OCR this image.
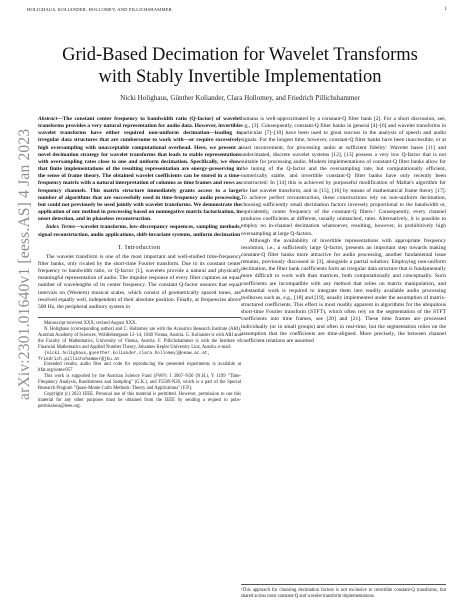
HOLIGHAUS, KOLIANDER, HOLLOMEY, AND PILLICHSHAMMER	1
arXiv:2301.01640v1 [eess.AS] 4 Jan 2023
Grid-Based Decimation for Wavelet Transforms
with Stably Invertible Implementation
Nicki Holighaus, Günther Koliander, Clara Hollomey, and Friedrich Pillichshammer

Abstract—The constant center frequency to bandwidth ratio (Q-factor) of wavelet transforms provides a very natural representation for audio data. However, invertible wavelet transforms have either required non-uniform decimation—leading to irregular data structures that are cumbersome to work with—or require excessively high oversampling with unacceptable computational overhead. Here, we present a novel decimation strategy for wavelet transforms that leads to stable representations with oversampling rates close to one and uniform decimation. Specifically, we show that finite implementations of the resulting representation are energy-preserving in the sense of frame theory. The obtained wavelet coefficients can be stored in a time-frequency matrix with a natural interpretation of columns as time frames and rows as frequency channels. This matrix structure immediately grants access to a large number of algorithms that are successfully used in time-frequency audio processing, but could not previously be used jointly with wavelet transforms. We demonstrate the application of our method in processing based on nonnegative matrix factorization, in onset detection, and in phaseless reconstruction.

Index Terms—wavelet transforms, low-discrepancy sequences, sampling methods, signal reconstruction, audio applications, shift-invariant systems, uniform decimation

I. Introduction

The wavelet transform is one of the most important and well-studied time-frequency filter banks, only rivaled by the short-time Fourier transform. Due to its constant center frequency to bandwidth ratio, or Q-factor [1], wavelets provide a natural and physically meaningful representation of audio. The impulse response of every filter captures an equal number of wavelengths of its center frequency. The constant Q-factor ensures that equal intervals on (Western) musical scales, which consist of geometrically spaced tones, are resolved equally well, independent of their absolute position. Finally, at frequencies above 500 Hz, the peripheral auditory system in

Manuscript received XXX; revised August XXX.

N. Holighaus (corresponding author) and C. Hollomey are with the Acoustics Research Institute (ARI), Austrian Academy of Sciences, Wohllebengasse 12–14, 1040 Vienna, Austria. G. Koliander is with ARI and the Faculty of Mathematics, University of Vienna, Austria. F. Pillichshammer is with the Institute of Financial Mathematics and Applied Number Theory, Johannes Kepler University Linz, Austria. e-mail:

{nicki.holighaus,guenther.koliander,clara.hollomey}@oeaw.ac.at, friedrich.pillichshammer@jku.at

Extended results, audio files and code for reproducing the presented experiments is available at ltfat.org/notes/057

This work is supported by the Austrian Science Fund (FWF): I 3067–N30 (N.H.), Y 1199 "Time-Frequency Analysis, Randomness and Sampling" (G.K.), and F5509-N26, which is a part of the Special Research Program "Quasi-Monte Carlo Methods: Theory and Applications" (F.P.).

Copyright (c) 2023 IEEE. Personal use of this material is permitted. However, permission to use this material for any other purposes must be obtained from the IEEE by sending a request to pubs-permissions@ieee.org.

humans is well-approximated by a constant-Q filter bank [2]. For a short discussion, see, e.g., [3]. Consequently, constant-Q filter banks in general [4]–[6] and wavelet transforms in particular [7]–[10] have been used to great success in the analysis of speech and audio signals. For the longest time, however, constant-Q filter banks have been inaccessible, or at least inconvenient, for processing audio at sufficient fidelity: Wavelet bases [11] and undecimated, discrete wavelet systems [12], [13] possess a very low Q-factor that is not suitable for processing audio. Modern implementations of constant-Q filter banks allow for the tuning of the Q-factor and the oversampling rate, but computationally efficient, numerically stable, and invertible constant-Q filter banks have only recently been constructed: In [14] this is achieved by purposeful modification of Mallat's algorithm for the fast wavelet transform, and in [15], [16] by means of mathematical frame theory [17]. To achieve perfect reconstruction, these constructions rely on non-uniform decimation, choosing sufficiently small decimation factors inversely proportional to the bandwidth or, equivalently, center frequency of the constant-Q filters.¹ Consequently, every channel produces coefficients at different, usually unmatched, rates. Alternatively, it is possible to employ no in-channel decimation whatsoever, resulting, however, in prohibitively high oversampling at large Q-factors.

Although the availability of invertible representations with appropriate frequency resolution, i.e., a sufficiently large Q-factor, presents an important step towards making constant-Q filter banks more attractive for audio processing, another fundamental issue remains, previously discussed in [3], alongside a partial solution: Employing non-uniform decimation, the filter bank coefficients form an irregular data structure that is fundamentally more difficult to work with than matrices, both computationally and conceptually. Such coefficients are incompatible with any method that relies on matrix manipulation, and substantial work is required to integrate them into readily available audio processing toolboxes such as, e.g., [18] and [19], usually implemented under the assumption of matrix-structured coefficients. This effect is most readily apparent in algorithms for the ubiquitous short-time Fourier transform (STFT), which often rely on the segmentation of the STFT coefficients into time frames, see [20] and [21]. These time frames are processed individually (or in small groups) and often in real-time, but the segmentation relies on the assumption that the coefficients are time-aligned. More precisely, the between channel coefficient relations are assumed

¹This approach for choosing decimation factors is not exclusive to invertible constant-Q transforms, but shared across most constant-Q and wavelet transform implementations.
